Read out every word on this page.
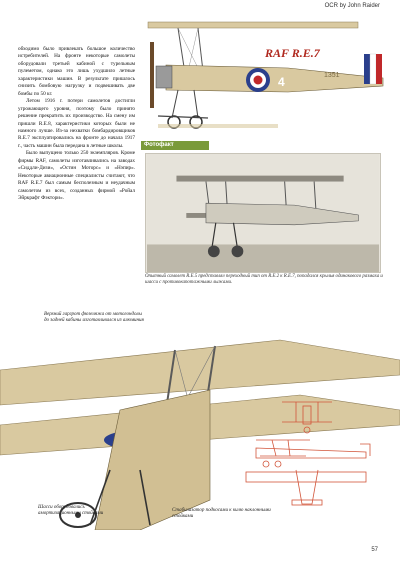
OCR by John Raider

обходимо было привлекать большое количество истребителей. На фронте некоторые самолеты оборудовали третьей кабиной с турельным пулеметом, однако это лишь ухудшило летные характеристики машин. В результате пришлось снизить бомбовую нагрузку и подвешивать две бомбы по 50 кг.

Летом 1916 г. потери самолетов достигли угрожающего уровня, поэтому было принято решение прекратить их производство. На смену им пришли R.E.8, характеристики которых были не намного лучше. Из-за нехватки бомбардировщиков R.E.7 эксплуатировались на фронте до начала 1917 г., часть машин была передана в летные школы.

Было выпущено только 250 экземпляров. Кроме фирмы RAF, самолеты изготавливались на заводах «Сиддли-Дизи», «Остин Моторс» и «Нэпир». Некоторые авиационные специалисты считают, что RAF R.E.7 был самым бесполезным и неудачным самолетом из всех, созданных фирмой «Ройал Эйркрафт Фэктори».

4	1351
RAF R.E.7
Фотофакт
Опытный самолет R.E.5 представлял переходный тип от R.E.2 к R.E.7, попадался крылья одинакового размаха и шасси с противокапотажными лыжами.
Верхний гаргрот фюзеляжа от мотогондолы до задней кабины изготавливался из алюминия
Шасси оборудовались амортизационными стойками
Стабилизатор подкосами к килю наклонными стойками
57
